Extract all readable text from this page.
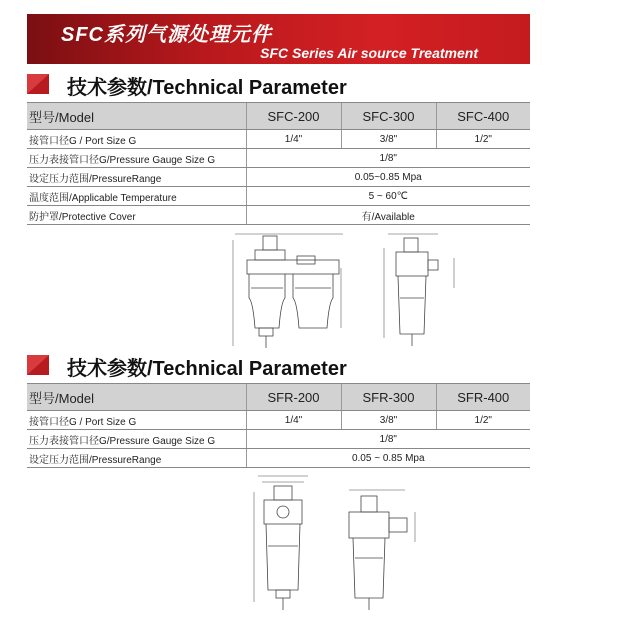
SFC系列气源处理元件
SFC Series Air source Treatment
技术参数/Technical Parameter
型号/Model	SFC-200	SFC-300	SFC-400
接管口径G / Port Size G	1/4"	3/8"	1/2"
压力表接管口径G/Pressure Gauge Size G	1/8"		
设定压力范围/PressureRange	0.05~0.85 Mpa		
温度范围/Applicable Temperature	5 ~ 60℃		
防护罩/Protective Cover	有/Available		
技术参数/Technical Parameter
型号/Model	SFR-200	SFR-300	SFR-400
接管口径G / Port Size G	1/4"	3/8"	1/2"
压力表接管口径G/Pressure Gauge Size G	1/8"		
设定压力范围/PressureRange	0.05 ~ 0.85 Mpa		
